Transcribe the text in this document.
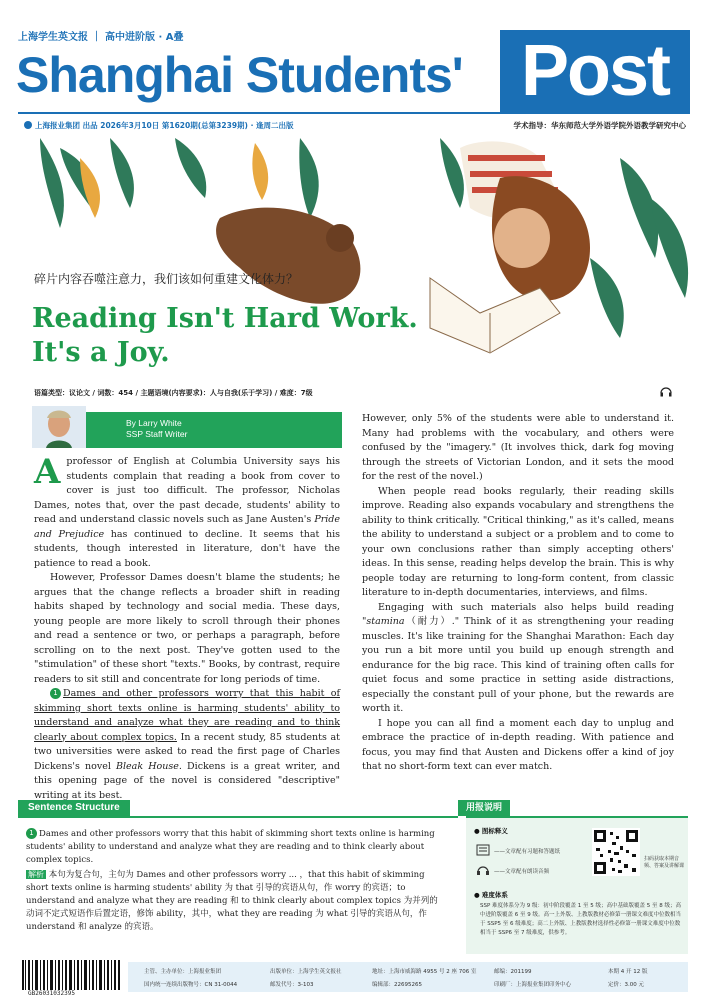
上海学生英文报 ｜ 高中进阶版 · A叠
Shanghai Students' Post
上海报业集团 出品 2026年3月10日 第1620期(总第3239期) · 逢周二出版	学术指导：华东师范大学外语学院外语教学研究中心
碎片内容吞噬注意力，我们该如何重建文化体力？
Reading Isn't Hard Work.
It's a Joy.
语篇类型：议论文 / 词数：454 / 主题语境(内容要求)：人与自我(乐于学习) / 难度：7级
By Larry White
SSP Staff Writer

Aprofessor of English at Columbia University says his students complain that reading a book from cover to cover is just too difficult. The professor, Nicholas Dames, notes that, over the past decade, students' ability to read and understand classic novels such as Jane Austen's Pride and Prejudice has continued to decline. It seems that his students, though interested in literature, don't have the patience to read a book.

However, Professor Dames doesn't blame the students; he argues that the change reflects a broader shift in reading habits shaped by technology and social media. These days, young people are more likely to scroll through their phones and read a sentence or two, or perhaps a paragraph, before scrolling on to the next post. They've gotten used to the "stimulation" of these short "texts." Books, by contrast, require readers to sit still and concentrate for long periods of time.

1 Dames and other professors worry that this habit of skimming short texts online is harming students' ability to understand and analyze what they are reading and to think clearly about complex topics. In a recent study, 85 students at two universities were asked to read the first page of Charles Dickens's novel Bleak House. Dickens is a great writer, and this opening page of the novel is considered "descriptive" writing at its best.

However, only 5% of the students were able to understand it. Many had problems with the vocabulary, and others were confused by the "imagery." (It involves thick, dark fog moving through the streets of Victorian London, and it sets the mood for the rest of the novel.)

When people read books regularly, their reading skills improve. Reading also expands vocabulary and strengthens the ability to think critically. "Critical thinking," as it's called, means the ability to understand a subject or a problem and to come to your own conclusions rather than simply accepting others' ideas. In this sense, reading helps develop the brain. This is why people today are returning to long-form content, from classic literature to in-depth documentaries, interviews, and films.

Engaging with such materials also helps build reading "stamina（耐力）." Think of it as strengthening your reading muscles. It's like training for the Shanghai Marathon: Each day you run a bit more until you build up enough strength and endurance for the big race. This kind of training often calls for quiet focus and some practice in setting aside distractions, especially the constant pull of your phone, but the rewards are worth it.

I hope you can all find a moment each day to unplug and embrace the practice of in-depth reading. With patience and focus, you may find that Austen and Dickens offer a kind of joy that no short-form text can ever match.

Sentence Structure
1 Dames and other professors worry that this habit of skimming short texts online is harming students' ability to understand and analyze what they are reading and to think clearly about complex topics.
解析 本句为复合句，主句为 Dames and other professors worry ... ，that this habit of skimming short texts online is harming students' ability 为 that 引导的宾语从句，作 worry 的宾语；to understand and analyze what they are reading 和 to think clearly about complex topics 为并列的动词不定式短语作后置定语，修饰 ability，其中，what they are reading 为 what 引导的宾语从句，作 understand 和 analyze 的宾语。
用报说明
● 图标释义
——文章配有习题和答题纸
——文章配有朗读音频
扫码获取本期音频、答案及讲解课
● 难度体系
SSP 难度体系分为 9 级：初中阶段覆盖 1 至 5 级；高中基础版覆盖 5 至 8 级；高中进阶版覆盖 6 至 9 级。高一上外版、上教版教材必修第一册课文难度中位数相当于 SSP5 至 6 级难度；高二上外版、上教版教材选择性必修第一册课文难度中位数相当于 SSP6 至 7 级难度，供参考。
GB26031032395
主管、主办单位：上海报业集团
国内统一连续出版物号：CN 31-0044
出版单位：上海学生英文报社
邮发代号：3-103
地址：上海市威海路 4955 号 2 座 706 室
编辑部：22695265
邮编：201199
印刷厂：上海报业集团印务中心
本期 4 开 12 版
定价：3.00 元
